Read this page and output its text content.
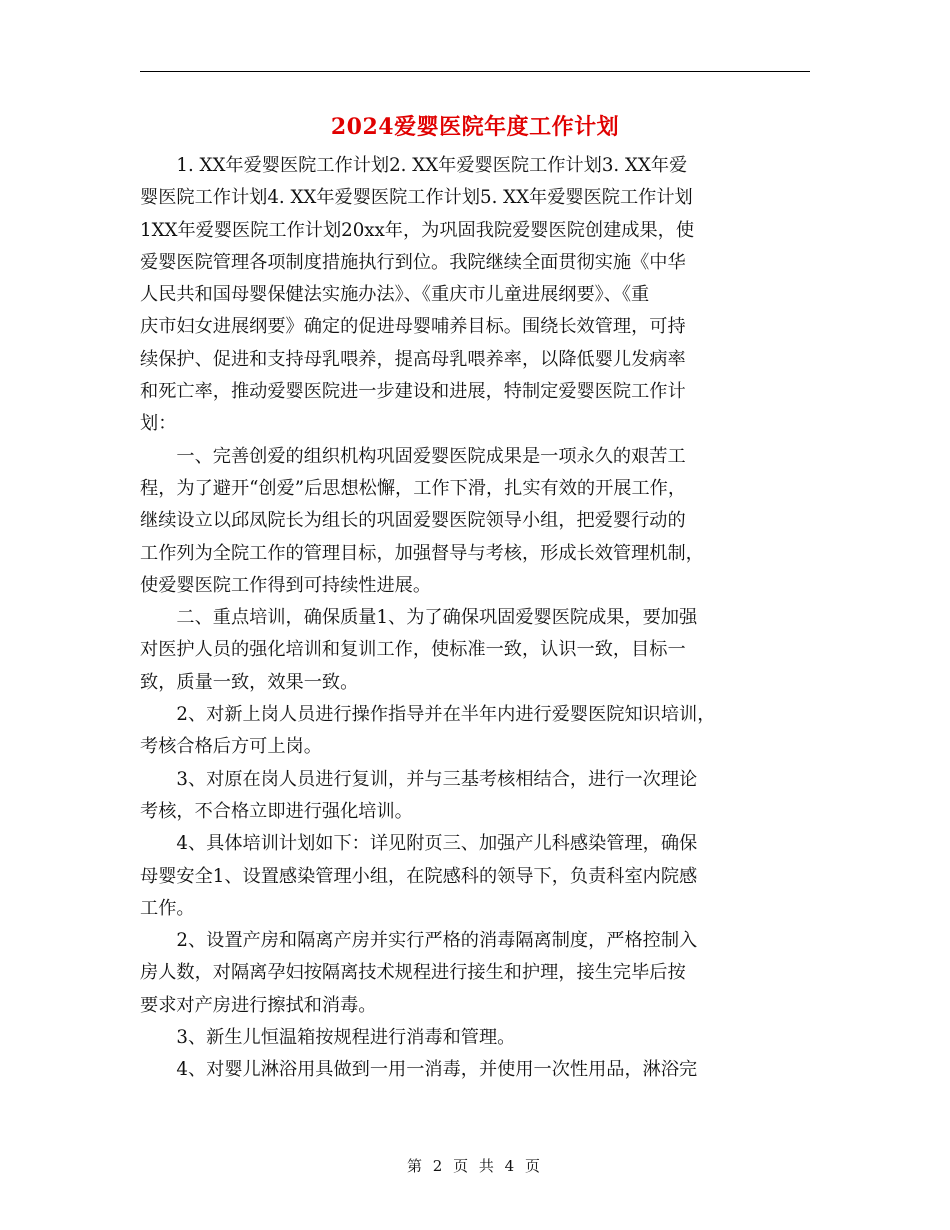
2024爱婴医院年度工作计划
1. XX年爱婴医院工作计划2. XX年爱婴医院工作计划3. XX年爱
婴医院工作计划4. XX年爱婴医院工作计划5. XX年爱婴医院工作计划
1XX年爱婴医院工作计划20xx年，为巩固我院爱婴医院创建成果，使
爱婴医院管理各项制度措施执行到位。我院继续全面贯彻实施《中华
人民共和国母婴保健法实施办法》、《重庆市儿童进展纲要》、《重
庆市妇女进展纲要》确定的促进母婴哺养目标。围绕长效管理，可持
续保护、促进和支持母乳喂养，提高母乳喂养率，以降低婴儿发病率
和死亡率，推动爱婴医院进一步建设和进展，特制定爱婴医院工作计
划：
一、完善创爱的组织机构巩固爱婴医院成果是一项永久的艰苦工
程，为了避开“创爱”后思想松懈，工作下滑，扎实有效的开展工作，
继续设立以邱凤院长为组长的巩固爱婴医院领导小组，把爱婴行动的
工作列为全院工作的管理目标，加强督导与考核，形成长效管理机制，
使爱婴医院工作得到可持续性进展。
二、重点培训，确保质量1、为了确保巩固爱婴医院成果，要加强
对医护人员的强化培训和复训工作，使标准一致，认识一致，目标一
致，质量一致，效果一致。
2、对新上岗人员进行操作指导并在半年内进行爱婴医院知识培训，
考核合格后方可上岗。
3、对原在岗人员进行复训，并与三基考核相结合，进行一次理论
考核，不合格立即进行强化培训。
4、具体培训计划如下：详见附页三、加强产儿科感染管理，确保
母婴安全1、设置感染管理小组，在院感科的领导下，负责科室内院感
工作。
2、设置产房和隔离产房并实行严格的消毒隔离制度，严格控制入
房人数，对隔离孕妇按隔离技术规程进行接生和护理，接生完毕后按
要求对产房进行擦拭和消毒。
3、新生儿恒温箱按规程进行消毒和管理。
4、对婴儿淋浴用具做到一用一消毒，并使用一次性用品，淋浴完
第 2 页 共 4 页
